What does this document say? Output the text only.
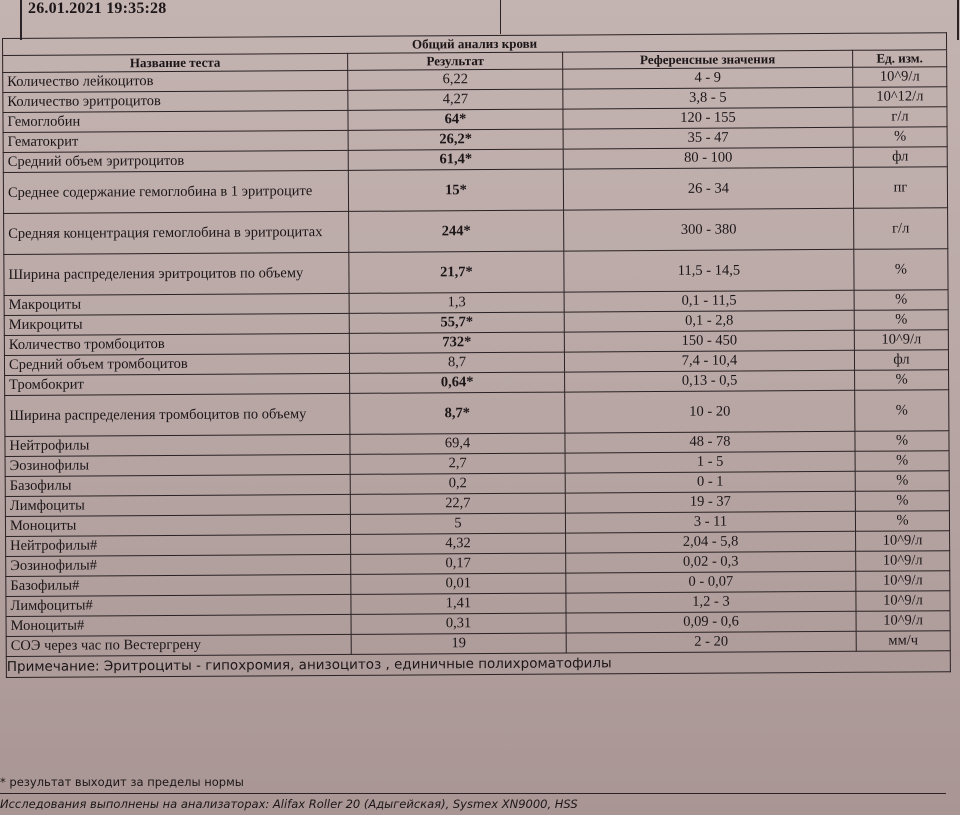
26.01.2021 19:35:28
Общий анализ крови			
Название теста	Результат	Референсные значения	Ед. изм.
Количество лейкоцитов	6,22	4 - 9	10^9/л
Количество эритроцитов	4,27	3,8 - 5	10^12/л
Гемоглобин	64*	120 - 155	г/л
Гематокрит	26,2*	35 - 47	%
Средний объем эритроцитов	61,4*	80 - 100	фл
Среднее содержание гемоглобина в 1 эритроците	15*	26 - 34	пг
Средняя концентрация гемоглобина в эритроцитах	244*	300 - 380	г/л
Ширина распределения эритроцитов по объему	21,7*	11,5 - 14,5	%
Макроциты	1,3	0,1 - 11,5	%
Микроциты	55,7*	0,1 - 2,8	%
Количество тромбоцитов	732*	150 - 450	10^9/л
Средний объем тромбоцитов	8,7	7,4 - 10,4	фл
Тромбокрит	0,64*	0,13 - 0,5	%
Ширина распределения тромбоцитов по объему	8,7*	10 - 20	%
Нейтрофилы	69,4	48 - 78	%
Эозинофилы	2,7	1 - 5	%
Базофилы	0,2	0 - 1	%
Лимфоциты	22,7	19 - 37	%
Моноциты	5	3 - 11	%
Нейтрофилы#	4,32	2,04 - 5,8	10^9/л
Эозинофилы#	0,17	0,02 - 0,3	10^9/л
Базофилы#	0,01	0 - 0,07	10^9/л
Лимфоциты#	1,41	1,2 - 3	10^9/л
Моноциты#	0,31	0,09 - 0,6	10^9/л
СОЭ через час по Вестергрену	19	2 - 20	мм/ч
Примечание: Эритроциты - гипохромия, анизоцитоз , единичные полихроматофилы			
* результат выходит за пределы нормы
Исследования выполнены на анализаторах: Alifax Roller 20 (Адыгейская), Sysmex XN9000, HSS
